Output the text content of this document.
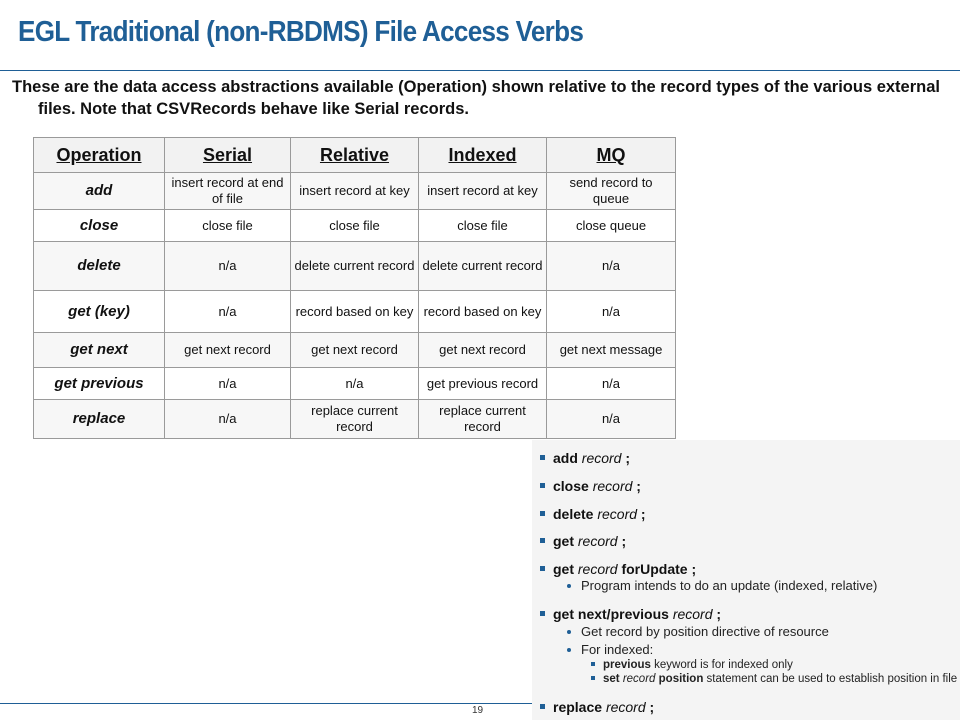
EGL Traditional (non-RBDMS) File Access Verbs
These are the data access abstractions available (Operation) shown relative to the record types of the various external files. Note that CSVRecords behave like Serial records.
Operation	Serial	Relative	Indexed	MQ
add	insert record at end of file	insert record at key	insert record at key	send record to queue
close	close file	close file	close file	close queue
delete	n/a	delete current record	delete current record	n/a
get (key)	n/a	record based on key	record based on key	n/a
get next	get next record	get next record	get next record	get next message
get previous	n/a	n/a	get previous record	n/a
replace	n/a	replace current record	replace current record	n/a
add record ;
close record ;
delete record ;
get record ;
get record forUpdate ;
Program intends to do an update (indexed, relative)
get next/previous record ;
Get record by position directive of resource
For indexed:
previous keyword is for indexed only
set record position statement can be used to establish position in file
replace record ;
19
